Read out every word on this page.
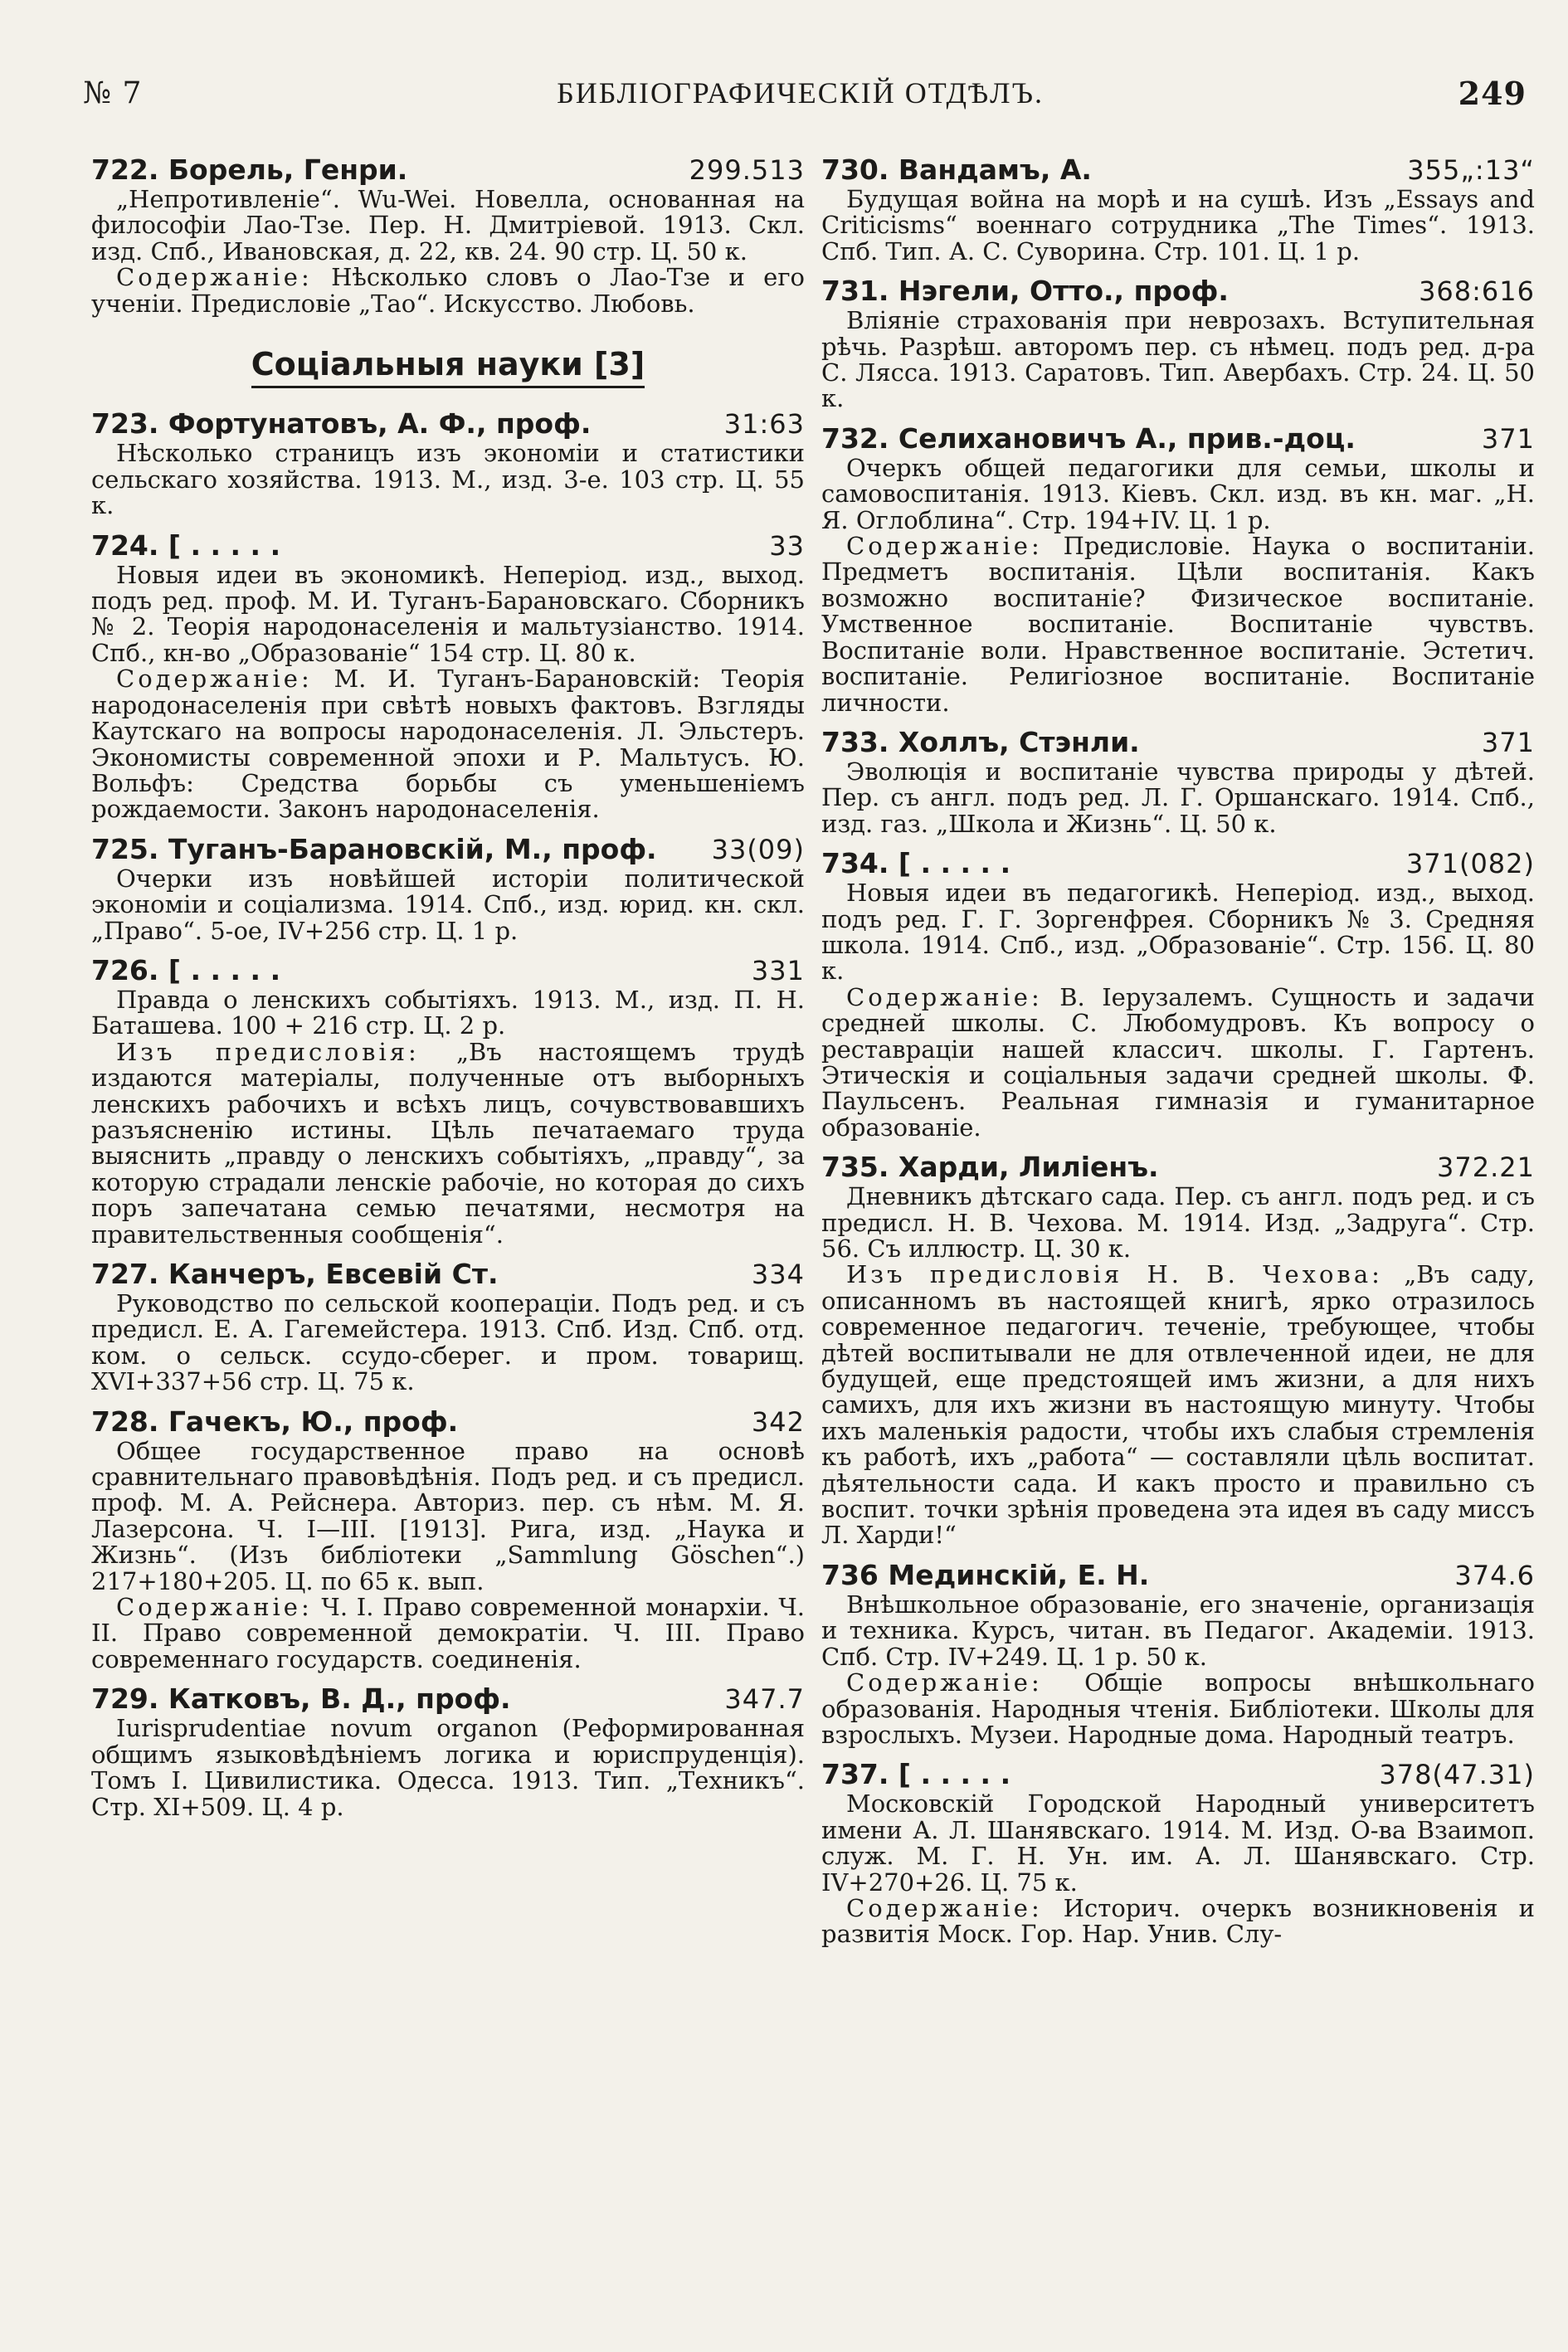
№ 7	БИБЛІОГРАФИЧЕСКІЙ ОТДѢЛЪ.	249
722. Борель, Генри.	299.513

„Непротивленіе“. Wu-Wei. Новелла, основанная на философіи Лао-Тзе. Пер. Н. Дмитріевой. 1913. Скл. изд. Спб., Ивановская, д. 22, кв. 24. 90 стр. Ц. 50 к.

Содержаніе: Нѣсколько словъ о Лао-Тзе и его ученіи. Предисловіе „Тао“. Искусство. Любовь.

Соціальныя науки [3]
723. Фортунатовъ, А. Ф., проф.	31:63

Нѣсколько страницъ изъ экономіи и статистики сельскаго хозяйства. 1913. М., изд. 3-е. 103 стр. Ц. 55 к.

724. [ . . . . .	33

Новыя идеи въ экономикѣ. Неперіод. изд., выход. подъ ред. проф. М. И. Туганъ-Барановскаго. Сборникъ № 2. Теорія народонаселенія и мальтузіанство. 1914. Спб., кн-во „Образованіе“ 154 стр. Ц. 80 к.

Содержаніе: М. И. Туганъ-Барановскій: Теорія народонаселенія при свѣтѣ новыхъ фактовъ. Взгляды Каутскаго на вопросы народонаселенія. Л. Эльстеръ. Экономисты современной эпохи и Р. Мальтусъ. Ю. Вольфъ: Средства борьбы съ уменьшеніемъ рождаемости. Законъ народонаселенія.

725. Туганъ-Барановскій, М., проф. 33(09)

Очерки изъ новѣйшей исторіи политической экономіи и соціализма. 1914. Спб., изд. юрид. кн. скл. „Право“. 5-ое, IV+256 стр. Ц. 1 р.

726. [ . . . . .	331

Правда о ленскихъ событіяхъ. 1913. М., изд. П. Н. Баташева. 100 + 216 стр. Ц. 2 р.

Изъ предисловія: „Въ настоящемъ трудѣ издаются матеріалы, полученные отъ выборныхъ ленскихъ рабочихъ и всѣхъ лицъ, сочувствовавшихъ разъясненію истины. Цѣль печатаемаго труда выяснить „правду о ленскихъ событіяхъ, „правду“, за которую страдали ленскіе рабочіе, но которая до сихъ поръ запечатана семью печатями, несмотря на правительственныя сообщенія“.

727. Канчеръ, Евсевій Ст.	334

Руководство по сельской коопераціи. Подъ ред. и съ предисл. Е. А. Гагемейстера. 1913. Спб. Изд. Спб. отд. ком. о сельск. ссудо-сберег. и пром. товарищ. XVI+337+56 стр. Ц. 75 к.

728. Гачекъ, Ю., проф.	342

Общее государственное право на основѣ сравнительнаго правовѣдѣнія. Подъ ред. и съ предисл. проф. М. А. Рейснера. Авториз. пер. съ нѣм. М. Я. Лазерсона. Ч. I—III. [1913]. Рига, изд. „Наука и Жизнь“. (Изъ библіотеки „Sammlung Göschen“.) 217+180+205. Ц. по 65 к. вып.

Содержаніе: Ч. I. Право современной монархіи. Ч. II. Право современной демократіи. Ч. III. Право современнаго государств. соединенія.

729. Катковъ, В. Д., проф.	347.7

Iurisprudentiae novum organon (Реформированная общимъ языковѣдѣніемъ логика и юриспруденція). Томъ I. Цивилистика. Одесса. 1913. Тип. „Техникъ“. Стр. XI+509. Ц. 4 р.

730. Вандамъ, А.	355„:13“

Будущая война на морѣ и на сушѣ. Изъ „Essays and Criticisms“ военнаго сотрудника „The Times“. 1913. Спб. Тип. А. С. Суворина. Стр. 101. Ц. 1 р.

731. Нэгели, Отто., проф.	368:616

Вліяніе страхованія при неврозахъ. Вступительная рѣчь. Разрѣш. авторомъ пер. съ нѣмец. подъ ред. д-ра С. Лясса. 1913. Саратовъ. Тип. Авербахъ. Стр. 24. Ц. 50 к.

732. Селихановичъ А., прив.-доц.	371

Очеркъ общей педагогики для семьи, школы и самовоспитанія. 1913. Кіевъ. Скл. изд. въ кн. маг. „Н. Я. Оглоблина“. Стр. 194+IV. Ц. 1 р.

Содержаніе: Предисловіе. Наука о воспитаніи. Предметъ воспитанія. Цѣли воспитанія. Какъ возможно воспитаніе? Физическое воспитаніе. Умственное воспитаніе. Воспитаніе чувствъ. Воспитаніе воли. Нравственное воспитаніе. Эстетич. воспитаніе. Религіозное воспитаніе. Воспитаніе личности.

733. Холлъ, Стэнли.	371

Эволюція и воспитаніе чувства природы у дѣтей. Пер. съ англ. подъ ред. Л. Г. Оршанскаго. 1914. Спб., изд. газ. „Школа и Жизнь“. Ц. 50 к.

734. [ . . . . .	371(082)

Новыя идеи въ педагогикѣ. Неперіод. изд., выход. подъ ред. Г. Г. Зоргенфрея. Сборникъ № 3. Средняя школа. 1914. Спб., изд. „Образованіе“. Стр. 156. Ц. 80 к.

Содержаніе: В. Іерузалемъ. Сущность и задачи средней школы. С. Любомудровъ. Къ вопросу о реставраціи нашей классич. школы. Г. Гартенъ. Этическія и соціальныя задачи средней школы. Ф. Паульсенъ. Реальная гимназія и гуманитарное образованіе.

735. Харди, Лиліенъ.	372.21

Дневникъ дѣтскаго сада. Пер. съ англ. подъ ред. и съ предисл. Н. В. Чехова. М. 1914. Изд. „Задруга“. Стр. 56. Съ иллюстр. Ц. 30 к.

Изъ предисловія Н. В. Чехова: „Въ саду, описанномъ въ настоящей книгѣ, ярко отразилось современное педагогич. теченіе, требующее, чтобы дѣтей воспитывали не для отвлеченной идеи, не для будущей, еще предстоящей имъ жизни, а для нихъ самихъ, для ихъ жизни въ настоящую минуту. Чтобы ихъ маленькія радости, чтобы ихъ слабыя стремленія къ работѣ, ихъ „работа“ — составляли цѣль воспитат. дѣятельности сада. И какъ просто и правильно съ воспит. точки зрѣнія проведена эта идея въ саду миссъ Л. Харди!“

736 Мединскій, Е. Н.	374.6

Внѣшкольное образованіе, его значеніе, организація и техника. Курсъ, читан. въ Педагог. Академіи. 1913. Спб. Стр. IV+249. Ц. 1 р. 50 к.

Содержаніе: Общіе вопросы внѣшкольнаго образованія. Народныя чтенія. Библіотеки. Школы для взрослыхъ. Музеи. Народные дома. Народный театръ.

737. [ . . . . .	378(47.31)

Московскій Городской Народный университетъ имени А. Л. Шанявскаго. 1914. М. Изд. О-ва Взаимоп. служ. М. Г. Н. Ун. им. А. Л. Шанявскаго. Стр. IV+270+26. Ц. 75 к.

Содержаніе: Историч. очеркъ возникновенія и развитія Моск. Гор. Нар. Унив. Слу-
